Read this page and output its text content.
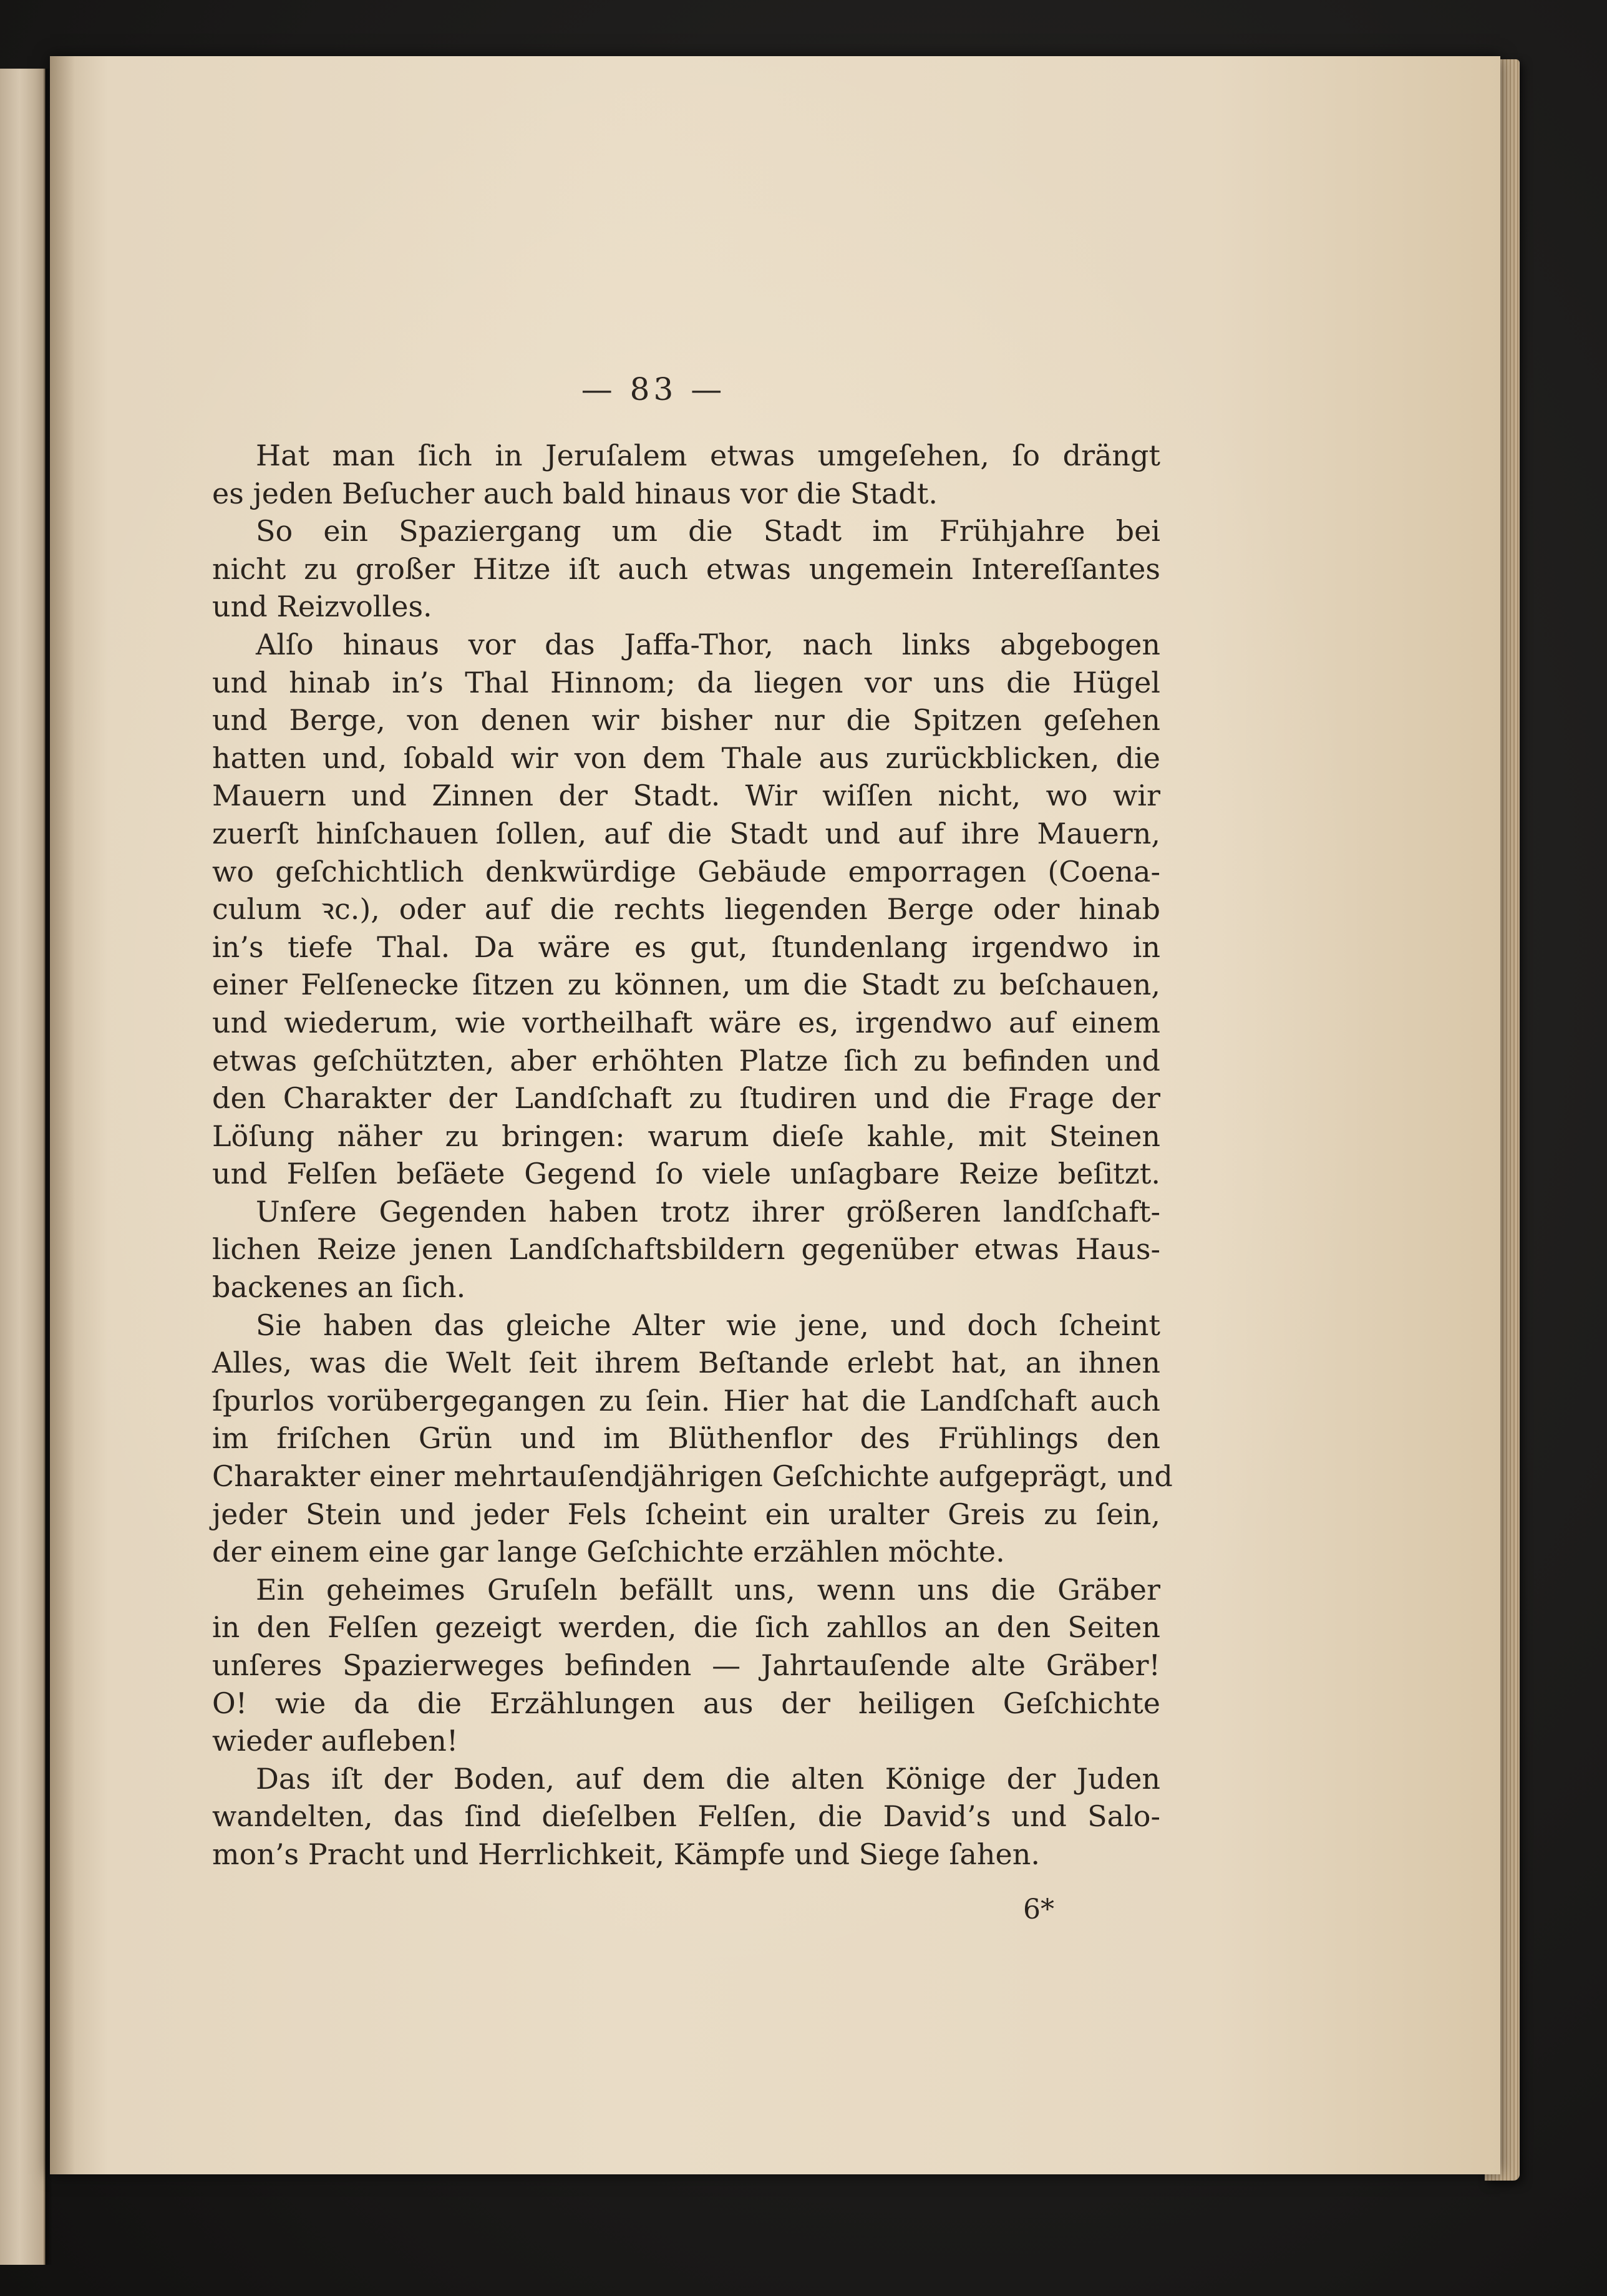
— 83 —
Hat man ſich in Jeruſalem etwas umgeſehen, ſo drängt
es jeden Beſucher auch bald hinaus vor die Stadt.
So ein Spaziergang um die Stadt im Frühjahre bei
nicht zu großer Hitze iſt auch etwas ungemein Intereſſantes
und Reizvolles.
Alſo hinaus vor das Jaffa-Thor, nach links abgebogen
und hinab in’s Thal Hinnom; da liegen vor uns die Hügel
und Berge, von denen wir bisher nur die Spitzen geſehen
hatten und, ſobald wir von dem Thale aus zurückblicken, die
Mauern und Zinnen der Stadt. Wir wiſſen nicht, wo wir
zuerſt hinſchauen ſollen, auf die Stadt und auf ihre Mauern,
wo geſchichtlich denkwürdige Gebäude emporragen (Coena-
culum ꝛc.), oder auf die rechts liegenden Berge oder hinab
in’s tiefe Thal. Da wäre es gut, ſtundenlang irgendwo in
einer Felſenecke ſitzen zu können, um die Stadt zu beſchauen,
und wiederum, wie vortheilhaft wäre es, irgendwo auf einem
etwas geſchützten, aber erhöhten Platze ſich zu befinden und
den Charakter der Landſchaft zu ſtudiren und die Frage der
Löſung näher zu bringen: warum dieſe kahle, mit Steinen
und Felſen beſäete Gegend ſo viele unſagbare Reize beſitzt.
Unſere Gegenden haben trotz ihrer größeren landſchaft-
lichen Reize jenen Landſchaftsbildern gegenüber etwas Haus-
backenes an ſich.
Sie haben das gleiche Alter wie jene, und doch ſcheint
Alles, was die Welt ſeit ihrem Beſtande erlebt hat, an ihnen
ſpurlos vorübergegangen zu ſein. Hier hat die Landſchaft auch
im friſchen Grün und im Blüthenflor des Frühlings den
Charakter einer mehrtauſendjährigen Geſchichte aufgeprägt, und
jeder Stein und jeder Fels ſcheint ein uralter Greis zu ſein,
der einem eine gar lange Geſchichte erzählen möchte.
Ein geheimes Gruſeln befällt uns, wenn uns die Gräber
in den Felſen gezeigt werden, die ſich zahllos an den Seiten
unſeres Spazierweges befinden — Jahrtauſende alte Gräber!
O! wie da die Erzählungen aus der heiligen Geſchichte
wieder aufleben!
Das iſt der Boden, auf dem die alten Könige der Juden
wandelten, das ſind dieſelben Felſen, die David’s und Salo-
mon’s Pracht und Herrlichkeit, Kämpfe und Siege ſahen.
6*
